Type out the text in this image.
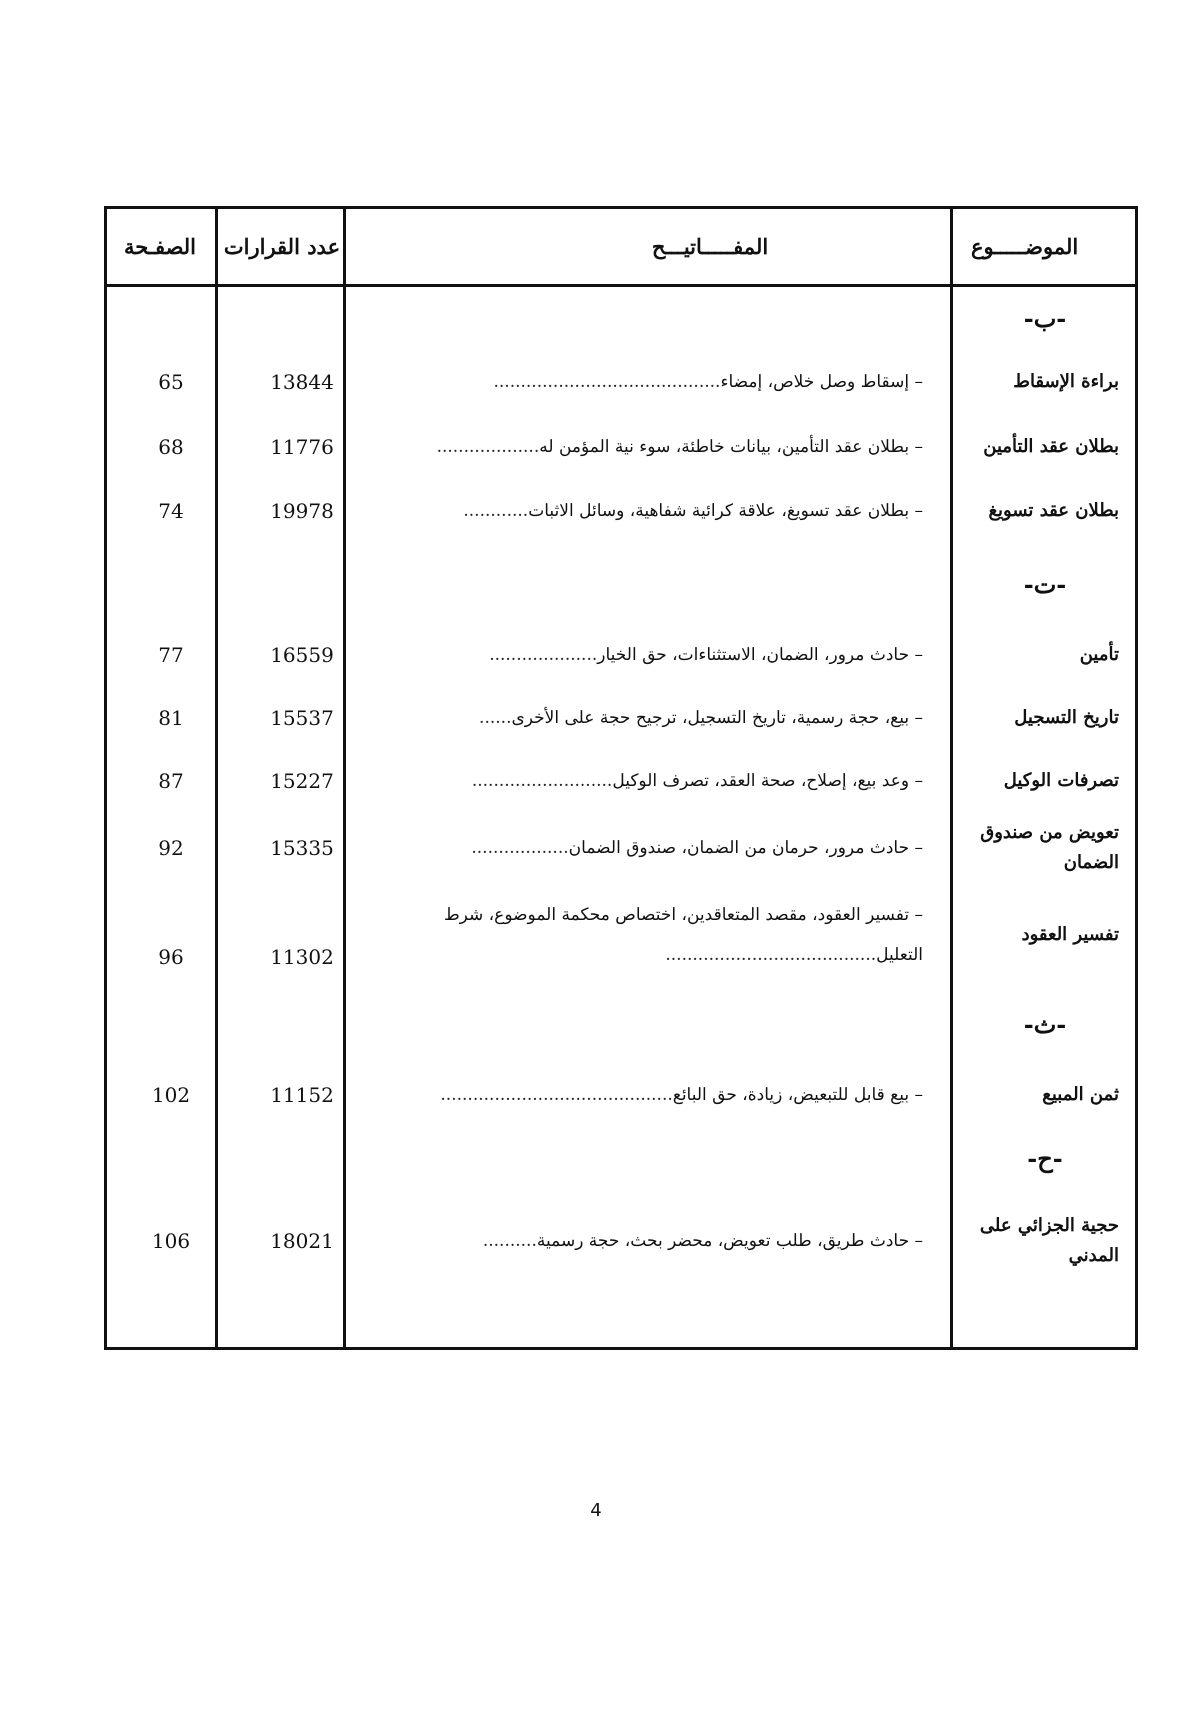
الموضـــــوع
المفـــــاتيـــح
عدد القرارات
الصفـحة
-ب-
براءة الإسقاط
– إسقاط وصل خلاص، إمضاء..........................................
13844
65
بطلان عقد التأمين
– بطلان عقد التأمين، بيانات خاطئة، سوء نية المؤمن له...................
11776
68
بطلان عقد تسويغ
– بطلان عقد تسويغ، علاقة كرائية شفاهية، وسائل الاثبات............
19978
74
-ت-
تأمين
– حادث مرور، الضمان، الاستثناءات، حق الخيار....................
16559
77
تاريخ التسجيل
– بيع، حجة رسمية، تاريخ التسجيل، ترجيح حجة على الأخرى......
15537
81
تصرفات الوكيل
– وعد بيع، إصلاح، صحة العقد، تصرف الوكيل..........................
15227
87
تعويض من صندوق الضمان
– حادث مرور، حرمان من الضمان، صندوق الضمان..................
15335
92
تفسير العقود
– تفسير العقود، مقصد المتعاقدين، اختصاص محكمة الموضوع، شرط التعليل.......................................
11302
96
-ث-
ثمن المبيع
– بيع قابل للتبعيض، زيادة، حق البائع...........................................
11152
102
-ح-
حجية الجزائي على المدني
– حادث طريق، طلب تعويض، محضر بحث، حجة رسمية..........
18021
106
4
